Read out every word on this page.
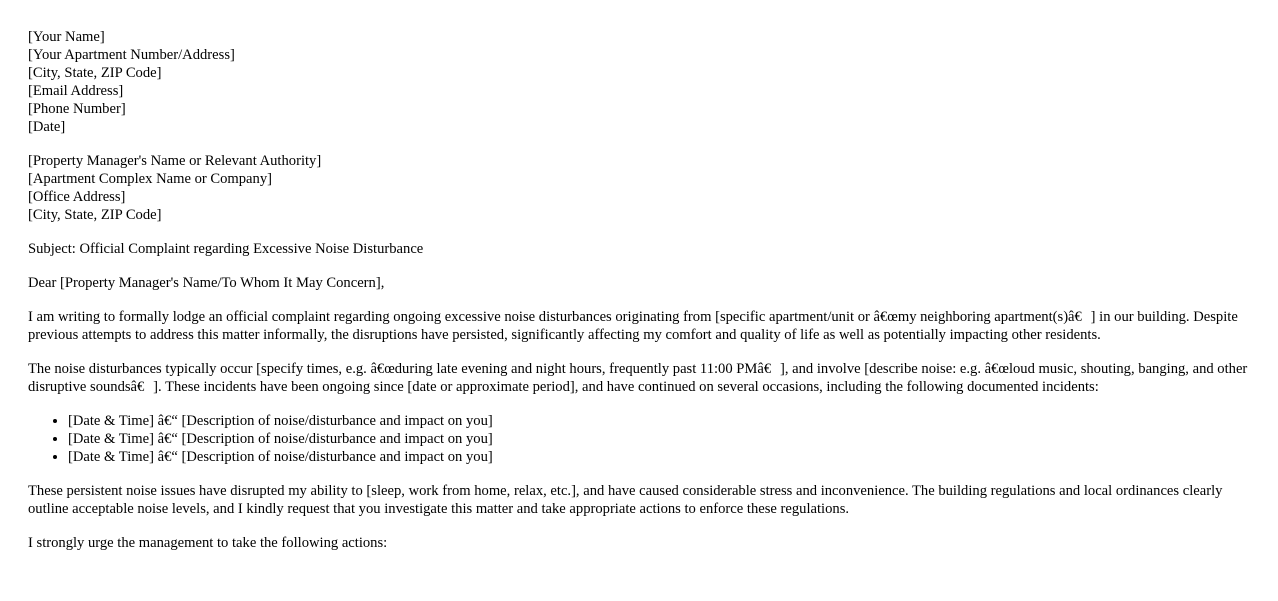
[Your Name]
[Your Apartment Number/Address]
[City, State, ZIP Code]
[Email Address]
[Phone Number]
[Date]
[Property Manager's Name or Relevant Authority]
[Apartment Complex Name or Company]
[Office Address]
[City, State, ZIP Code]

Subject: Official Complaint regarding Excessive Noise Disturbance

Dear [Property Manager's Name/To Whom It May Concern],

I am writing to formally lodge an official complaint regarding ongoing excessive noise disturbances originating from [specific apartment/unit or â€œmy neighboring apartment(s)â€] in our building. Despite previous attempts to address this matter informally, the disruptions have persisted, significantly affecting my comfort and quality of life as well as potentially impacting other residents.

The noise disturbances typically occur [specify times, e.g. â€œduring late evening and night hours, frequently past 11:00 PMâ€], and involve [describe noise: e.g. â€œloud music, shouting, banging, and other disruptive soundsâ€]. These incidents have been ongoing since [date or approximate period], and have continued on several occasions, including the following documented incidents:

• [Date & Time] â€“ [Description of noise/disturbance and impact on you]
• [Date & Time] â€“ [Description of noise/disturbance and impact on you]
• [Date & Time] â€“ [Description of noise/disturbance and impact on you]

These persistent noise issues have disrupted my ability to [sleep, work from home, relax, etc.], and have caused considerable stress and inconvenience. The building regulations and local ordinances clearly outline acceptable noise levels, and I kindly request that you investigate this matter and take appropriate actions to enforce these regulations.

I strongly urge the management to take the following actions:
